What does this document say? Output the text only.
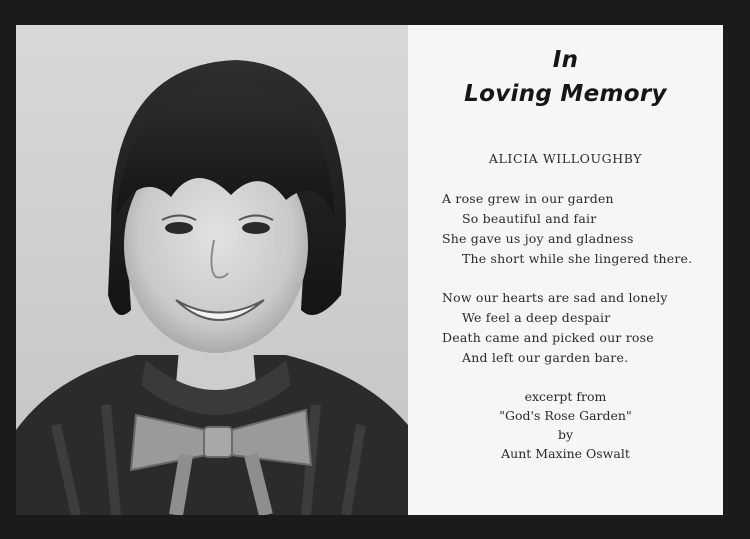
In
Loving Memory
ALICIA WILLOUGHBY
A rose grew in our garden
So beautiful and fair
She gave us joy and gladness
The short while she lingered there.
Now our hearts are sad and lonely
We feel a deep despair
Death came and picked our rose
And left our garden bare.
excerpt from
"God's Rose Garden"
by
Aunt Maxine Oswalt
